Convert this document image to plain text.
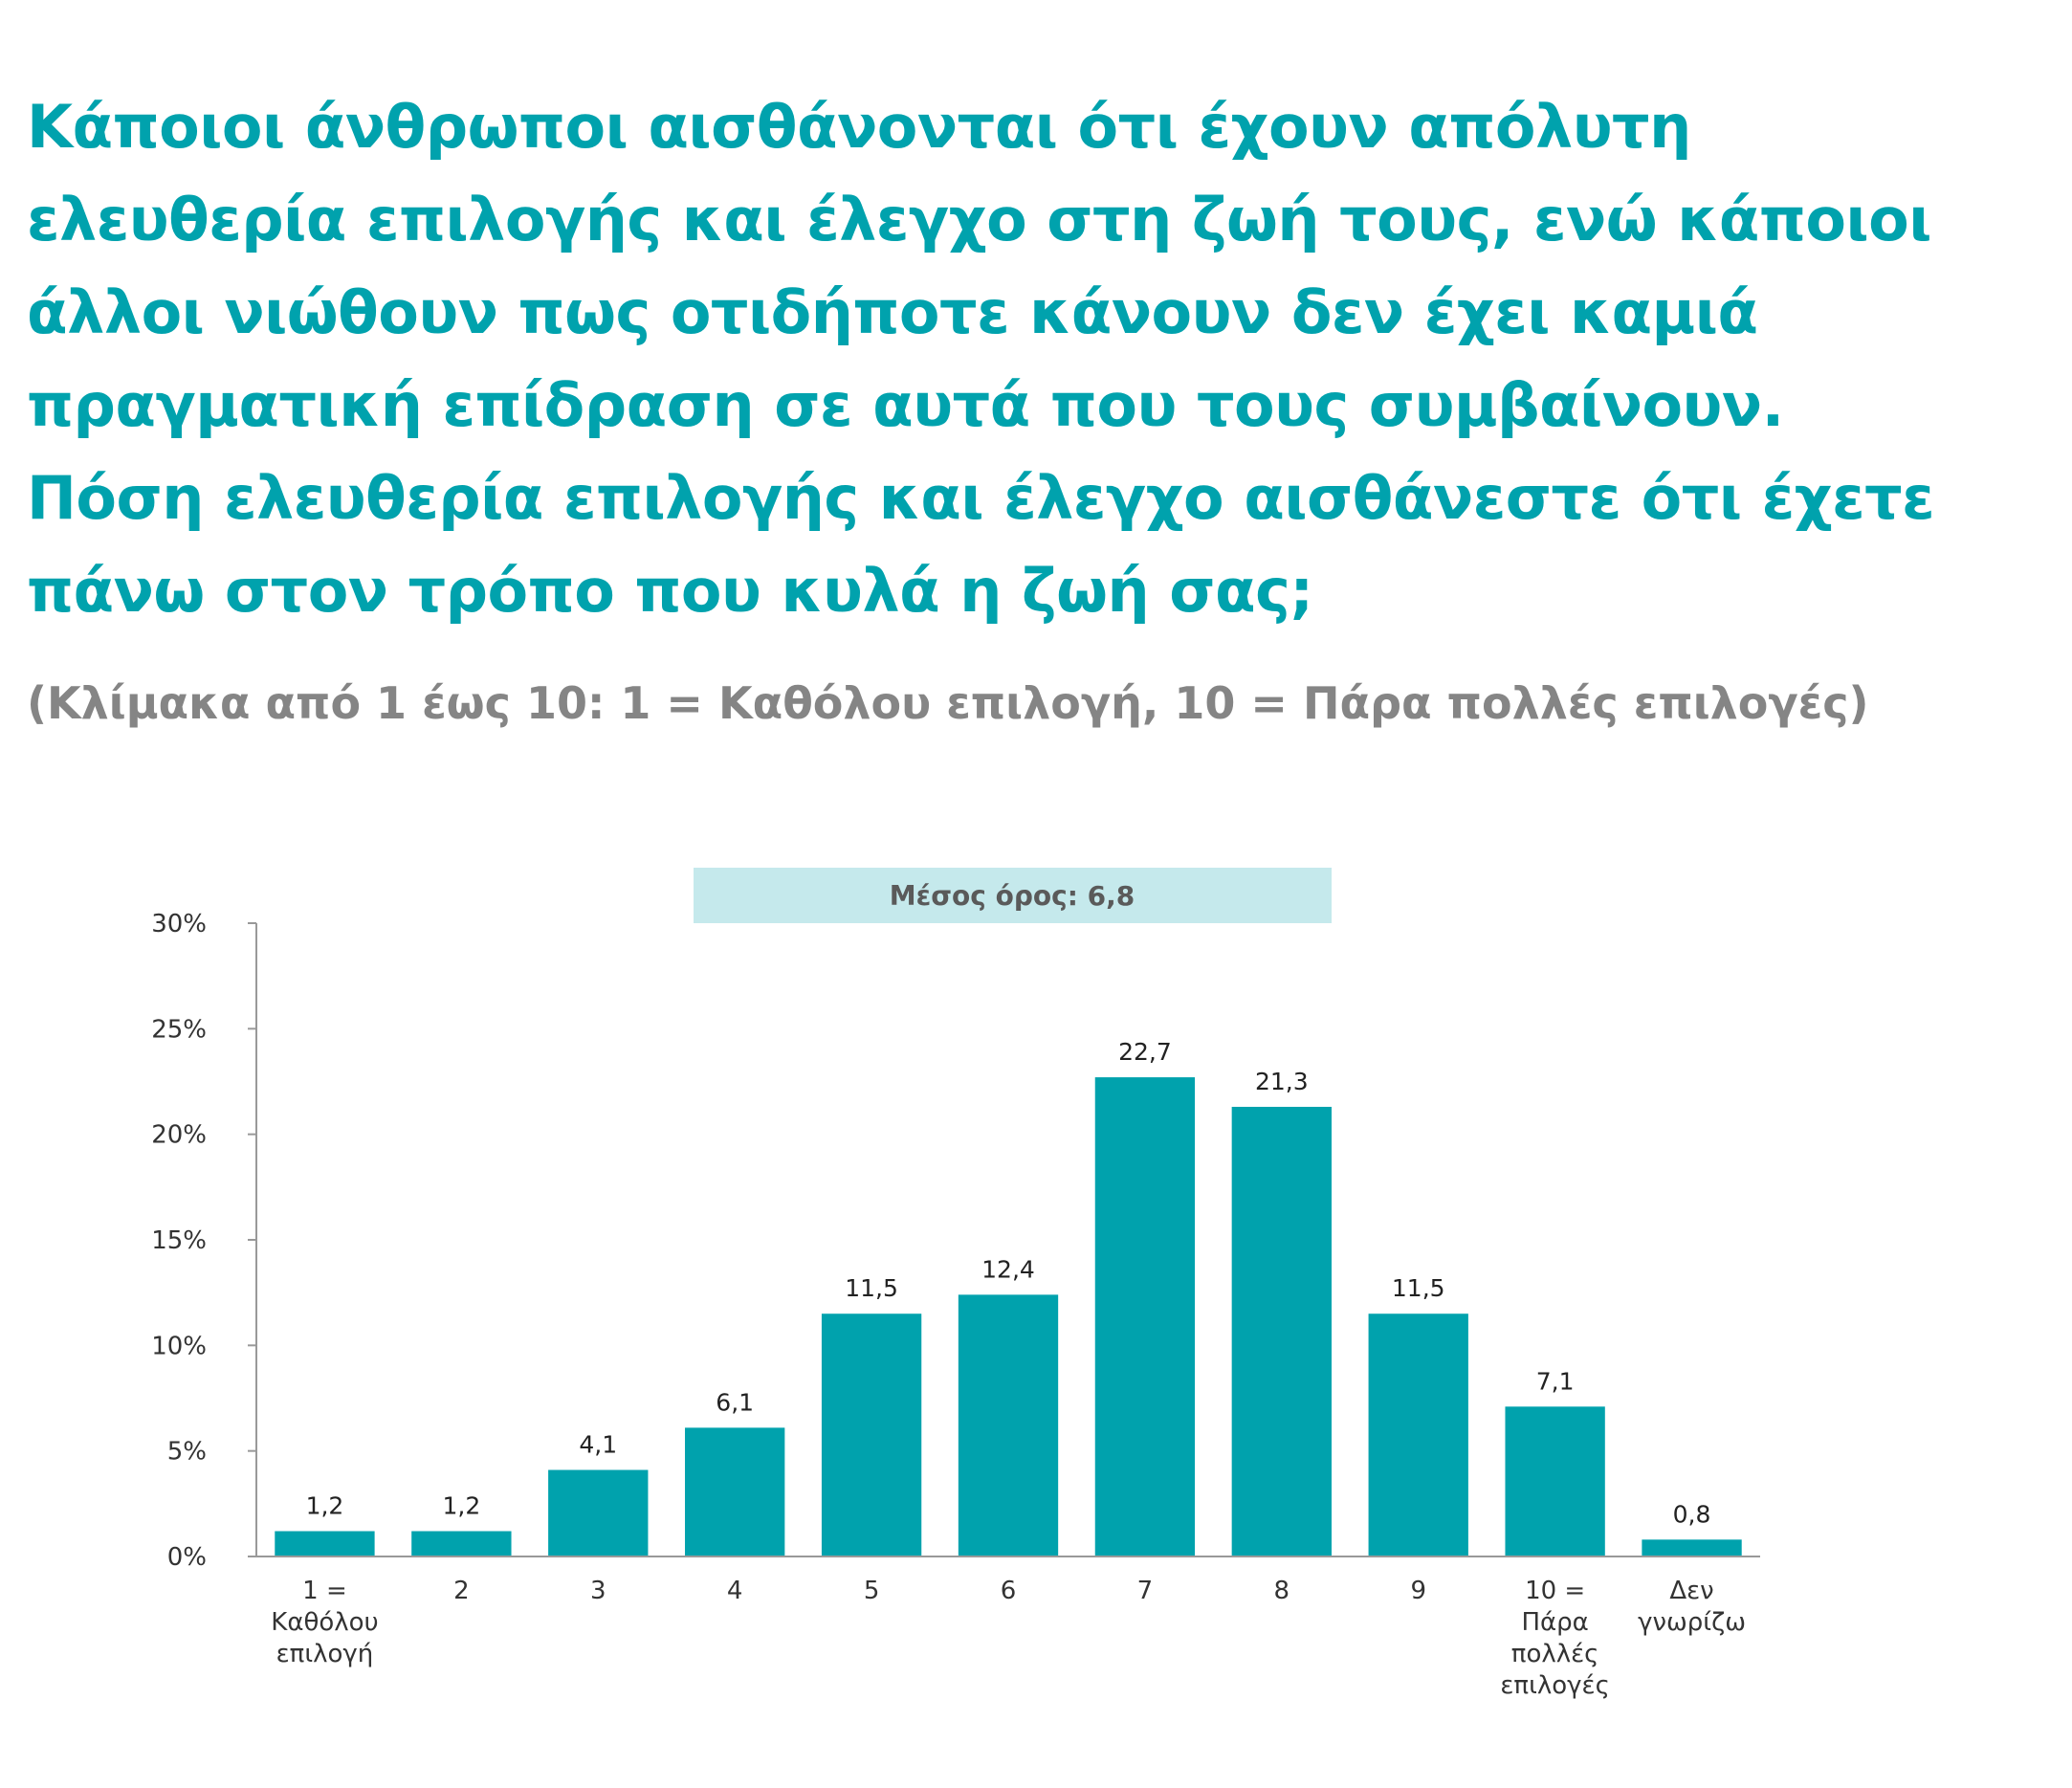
Κάποιοι άνθρωποι αισθάνονται ότι έχουν απόλυτη
ελευθερία επιλογής και έλεγχο στη ζωή τους, ενώ κάποιοι
άλλοι νιώθουν πως οτιδήποτε κάνουν δεν έχει καμιά
πραγματική επίδραση σε αυτά που τους συμβαίνουν.
Πόση ελευθερία επιλογής και έλεγχο αισθάνεστε ότι έχετε
πάνω στον τρόπο που κυλά η ζωή σας;

(Κλίμακα από 1 έως 10: 1 = Καθόλου επιλογή, 10 = Πάρα πολλές επιλογές)

Μέσος όρος: 6,8
0%
5%
10%
15%
20%
25%
30%
1,2	1,2
4,1
6,1
11,5
12,4
22,7
21,3
11,5
7,1
0,8
1 = Καθόλου επιλογή
2	3	4	5	6	7	8	9	10 = Πάρα πολλές επιλογές
Δεν γνωρίζω
